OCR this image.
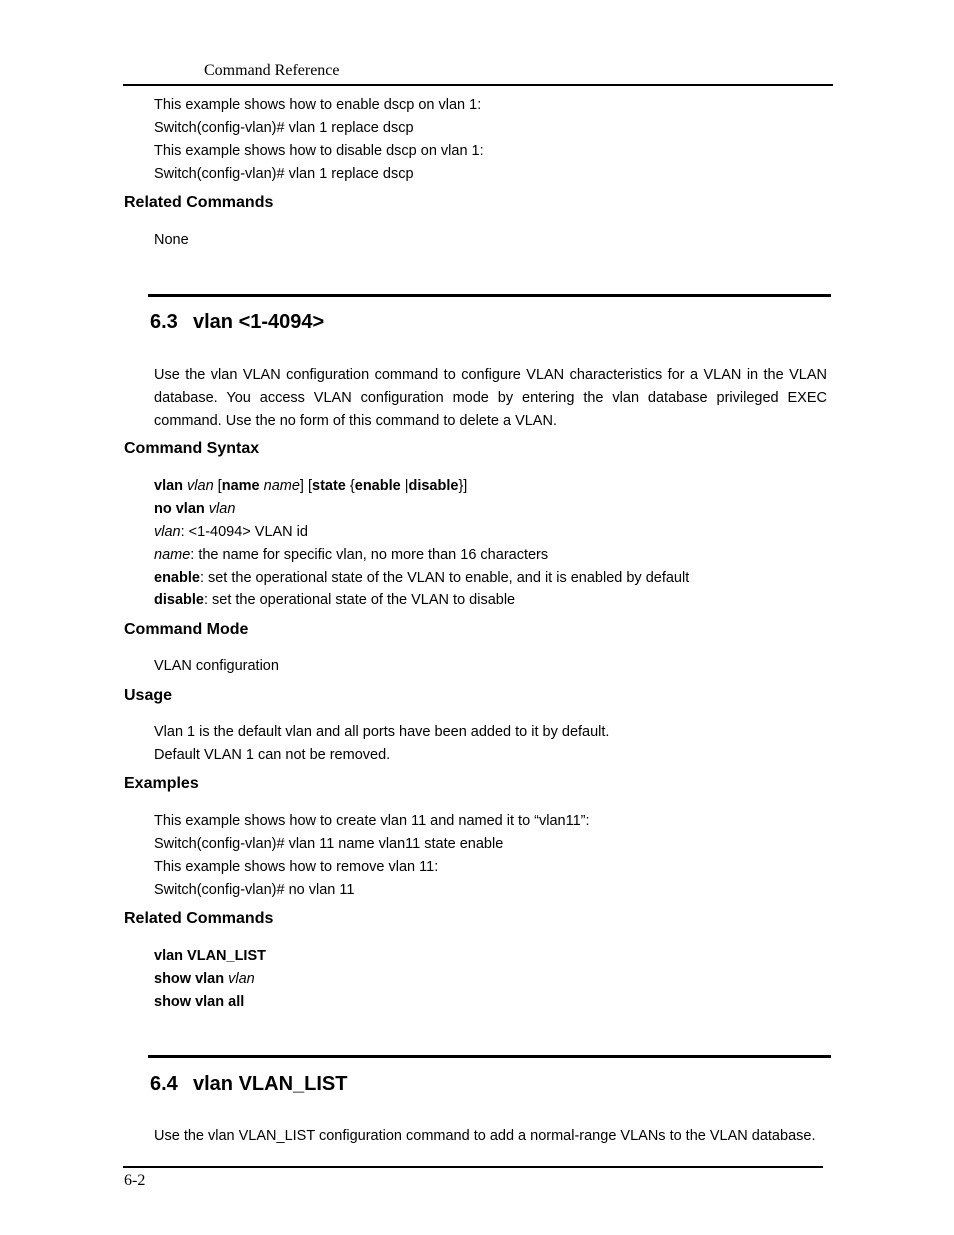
Command Reference
This example shows how to enable dscp on vlan 1:
Switch(config-vlan)# vlan 1 replace dscp
This example shows how to disable dscp on vlan 1:
Switch(config-vlan)# vlan 1 replace dscp
Related Commands
None
6.3 vlan <1-4094>
Use the vlan VLAN configuration command to configure VLAN characteristics for a VLAN in the VLAN
database. You access VLAN configuration mode by entering the vlan database privileged EXEC
command. Use the no form of this command to delete a VLAN.
Command Syntax
vlan vlan [name name] [state {enable |disable}]
no vlan vlan
vlan: <1-4094> VLAN id
name: the name for specific vlan, no more than 16 characters
enable: set the operational state of the VLAN to enable, and it is enabled by default
disable: set the operational state of the VLAN to disable
Command Mode
VLAN configuration
Usage
Vlan 1 is the default vlan and all ports have been added to it by default.
Default VLAN 1 can not be removed.
Examples
This example shows how to create vlan 11 and named it to “vlan11”:
Switch(config-vlan)# vlan 11 name vlan11 state enable
This example shows how to remove vlan 11:
Switch(config-vlan)# no vlan 11
Related Commands
vlan VLAN_LIST
show vlan vlan
show vlan all
6.4 vlan VLAN_LIST
Use the vlan VLAN_LIST configuration command to add a normal-range VLANs to the VLAN database.
6-2
